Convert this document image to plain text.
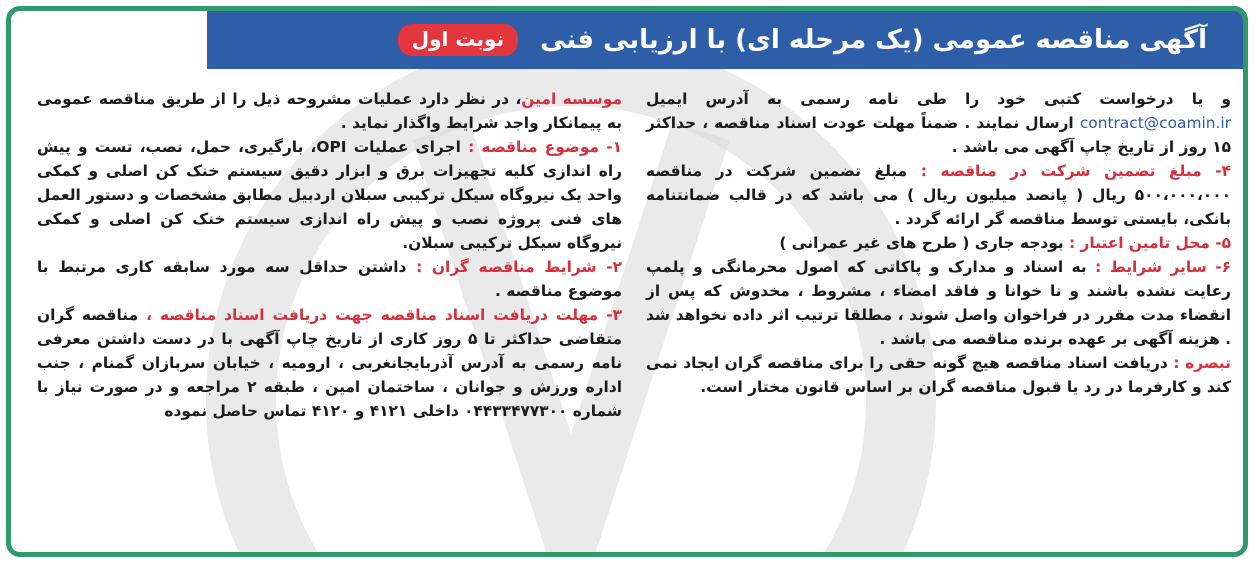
آگهی مناقصه عمومی (یک مرحله ای) با ارزیابی فنی
نوبت اول

موسسه امین، در نظر دارد عملیات مشروحه ذیل را از طریق مناقصه عمومی به پیمانکار واجد شرایط واگذار نماید .

۱- موضوع مناقصه : اجرای عملیات OPI، بارگیری، حمل، نصب، تست و پیش راه اندازی کلیه تجهیزات برق و ابزار دقیق سیستم خنک کن اصلی و کمکی واحد یک نیروگاه سیکل ترکیبی سبلان اردبیل مطابق مشخصات و دستور العمل های فنی پروژه نصب و پیش راه اندازی سیستم خنک کن اصلی و کمکی نیروگاه سیکل ترکیبی سبلان.

۲- شرایط مناقصه گران : داشتن حداقل سه مورد سابقه کاری مرتبط با موضوع مناقصه .

۳- مهلت دریافت اسناد مناقصه جهت دریافت اسناد مناقصه ، مناقصه گران متقاضی حداکثر تا ۵ روز کاری از تاریخ چاپ آگهی با در دست داشتن معرفی نامه رسمی به آدرس آذربایجانغربی ، ارومیه ، خیابان سربازان گمنام ، جنب اداره ورزش و جوانان ، ساختمان امین ، طبقه ۲ مراجعه و در صورت نیاز با شماره ۰۴۴۳۳۴۷۷۳۰۰ داخلی ۴۱۲۱ و ۴۱۲۰ تماس حاصل نموده

و یا درخواست کتبی خود را طی نامه رسمی به آدرس ایمیل contract@coamin.ir ارسال نمایند . ضمناً مهلت عودت اسناد مناقصه ، حداکثر ۱۵ روز از تاریخ چاپ آگهی می باشد .

۴- مبلغ تضمین شرکت در مناقصه : مبلغ تضمین شرکت در مناقصه ۵۰۰،۰۰۰،۰۰۰ ریال ( پانصد میلیون ریال ) می باشد که در قالب ضمانتنامه بانکی، بایستی توسط مناقصه گر ارائه گردد .

۵- محل تامین اعتبار : بودجه جاری ( طرح های غیر عمرانی )

۶- سایر شرایط : به اسناد و مدارک و پاکاتی که اصول محرمانگی و پلمپ رعایت نشده باشند و نا خوانا و فاقد امضاء ، مشروط ، مخدوش که پس از انقضاء مدت مقرر در فراخوان واصل شوند ، مطلقا ترتیب اثر داده نخواهد شد . هزینه آگهی بر عهده برنده مناقصه می باشد .

تبصره : دریافت اسناد مناقصه هیچ گونه حقی را برای مناقصه گران ایجاد نمی کند و کارفرما در رد یا قبول مناقصه گران بر اساس قانون مختار است.
